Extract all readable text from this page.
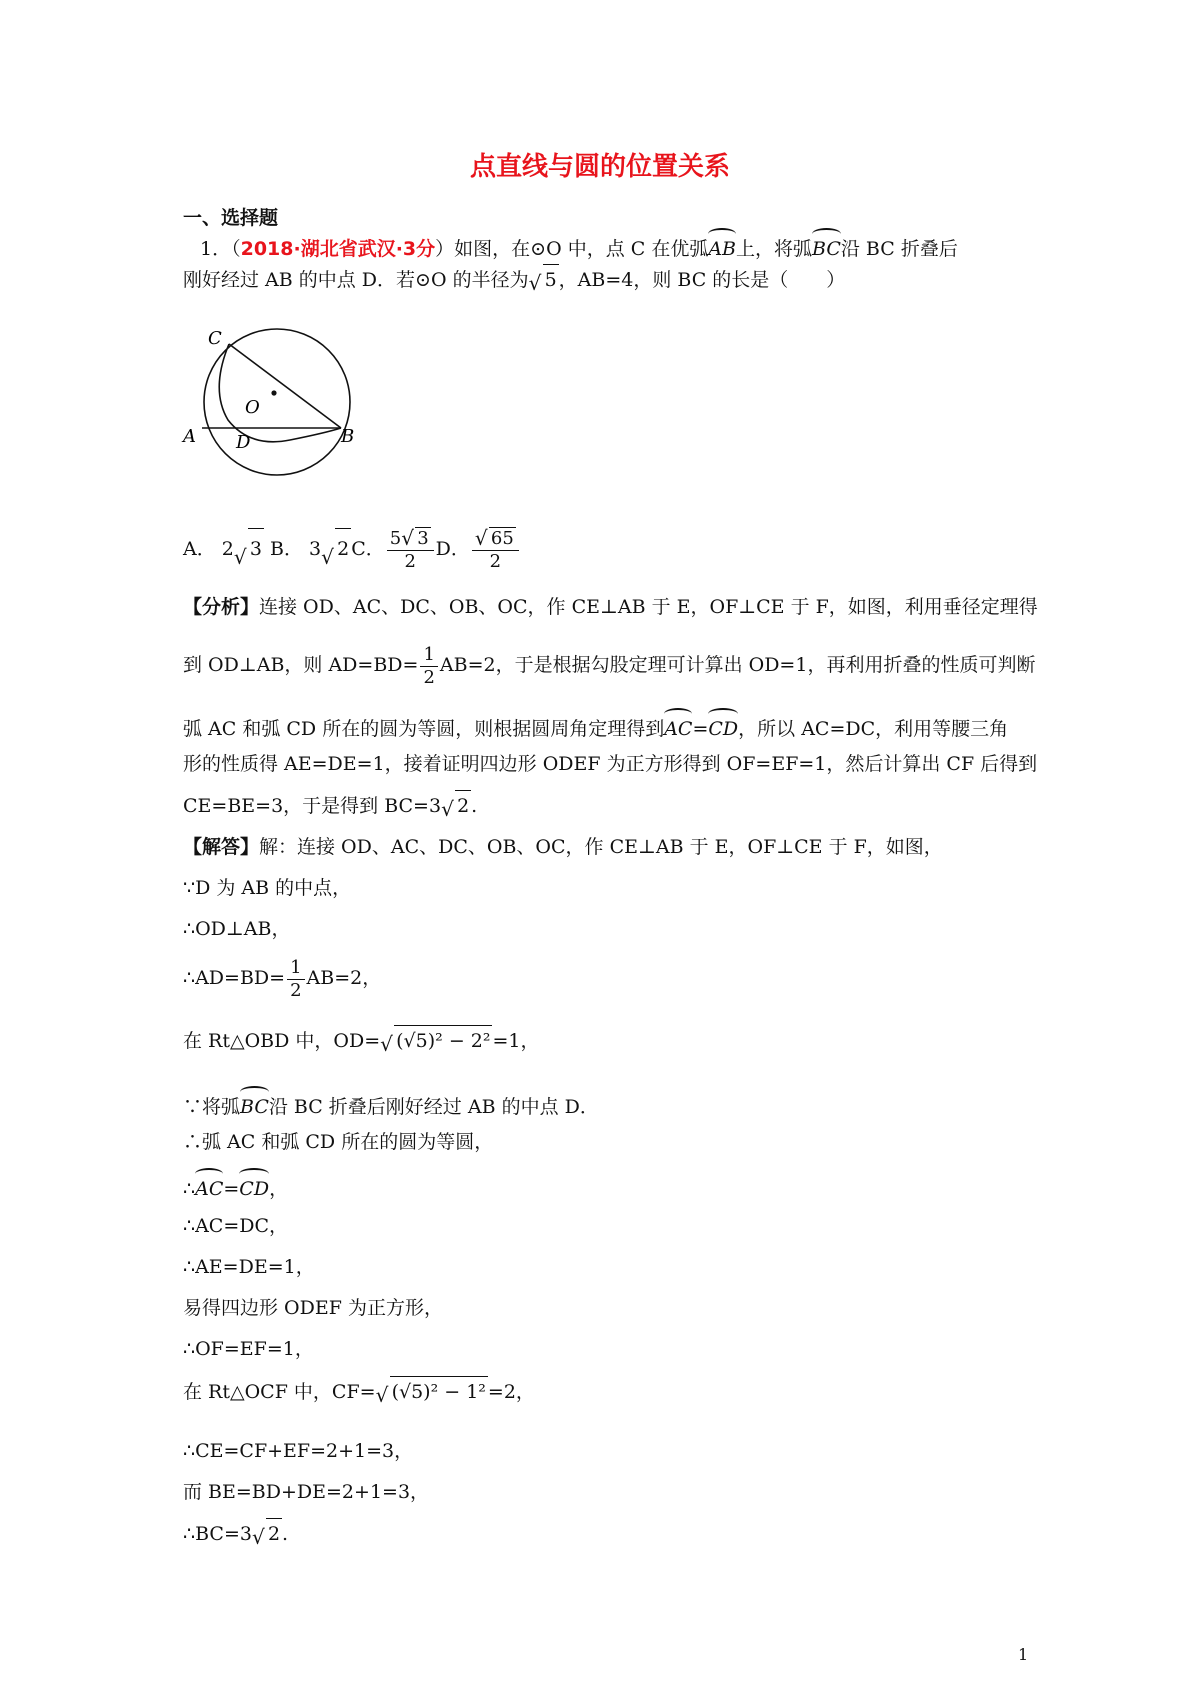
点直线与圆的位置关系
一、选择题
1．（2018·湖北省武汉·3分）如图，在⊙O 中，点 C 在优弧AB上，将弧BC沿 BC 折叠后
刚好经过 AB 的中点 D．若⊙O 的半径为 √ 5 ，AB=4，则 BC 的长是（　　）
C
O
A D	B
A． 2 √ 3 B． 3 √ 2 C． $\frac{5 √ 3}{2}$ D． $\frac{√ 65}{2}$
【分析】连接 OD、AC、DC、OB、OC，作 CE⊥AB 于 E，OF⊥CE 于 F，如图，利用垂径定理得
到 OD⊥AB，则 $AD=BD= \frac{1}{2} AB=2$，于是根据勾股定理可计算出 OD=1，再利用折叠的性质可判断
弧 AC 和弧 CD 所在的圆为等圆，则根据圆周角定理得到AC=CD，所以 AC=DC，利用等腰三角
形的性质得 AE=DE=1，接着证明四边形 ODEF 为正方形得到 OF=EF=1，然后计算出 CF 后得到
CE=BE=3，于是得到 BC=3 √ 2 .
【解答】解：连接 OD、AC、DC、OB、OC，作 CE⊥AB 于 E，OF⊥CE 于 F，如图，
∵D 为 AB 的中点，
∴OD⊥AB，
∴AD=BD= $\frac{1}{2} AB=2$，
在 Rt△OBD 中，OD= √ (√5)² − 2² =1，
∵将弧BC沿 BC 折叠后刚好经过 AB 的中点 D．
∴弧 AC 和弧 CD 所在的圆为等圆，
∴AC=CD，
∴AC=DC，
∴AE=DE=1，
易得四边形 ODEF 为正方形，
∴OF=EF=1，
在 Rt△OCF 中，CF= √ (√5)² − 1² =2，
∴CE=CF+EF=2+1=3，
而 BE=BD+DE=2+1=3，
∴BC=3 √ 2 .
1
